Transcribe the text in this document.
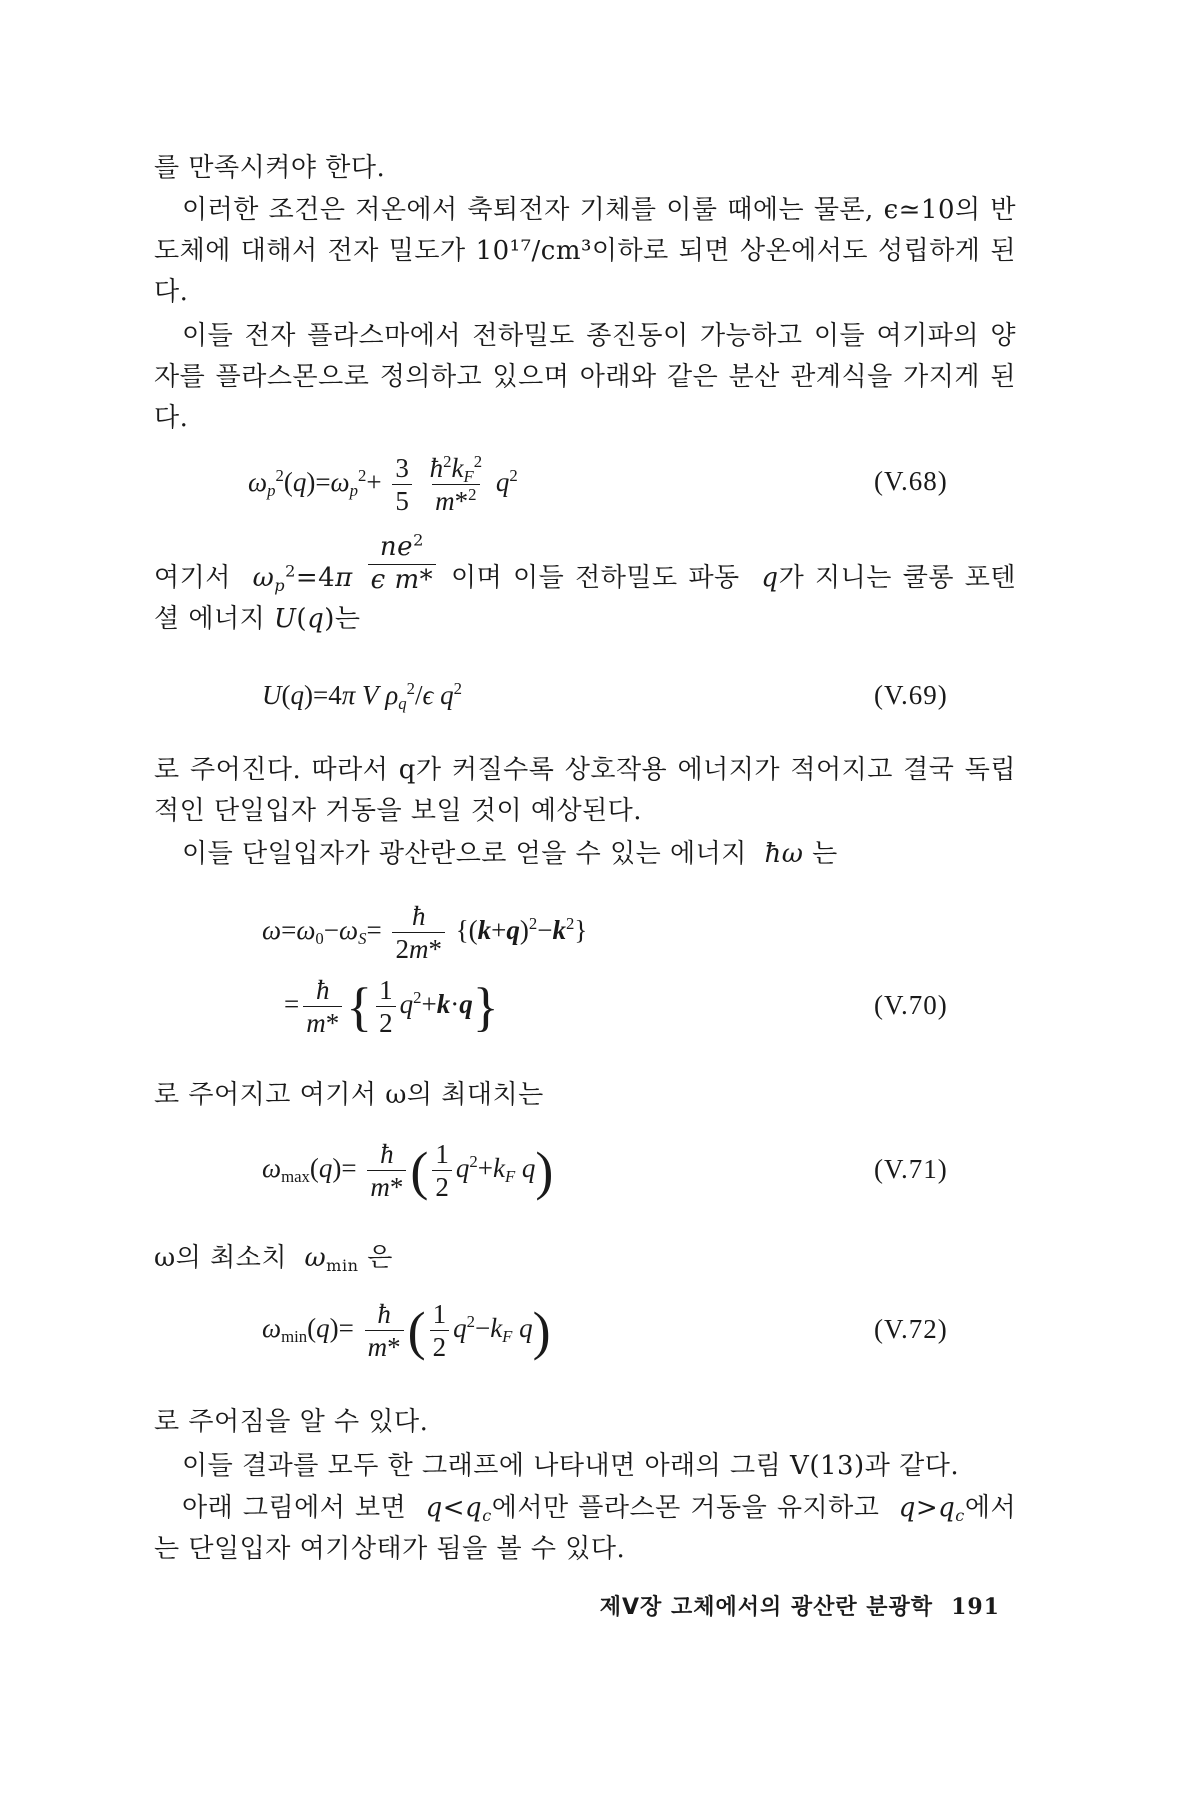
를 만족시켜야 한다.

이러한 조건은 저온에서 축퇴전자 기체를 이룰 때에는 물론, ϵ≃10의 반도체에 대해서 전자 밀도가 10¹⁷/cm³이하로 되면 상온에서도 성립하게 된다.

이들 전자 플라스마에서 전하밀도 종진동이 가능하고 이들 여기파의 양자를 플라스몬으로 정의하고 있으며 아래와 같은 분산 관계식을 가지게 된다.

$\omega_p^2(q)=\omega_p^2+ \frac{3}{5}$
$\frac{ħ^2k_F^2}{m*^2} q^2$	(V.68)
여기서 $\omega_p^2=4\pi \frac{ne^2}{\text{ϵ m*}}$ 이며 이들 전하밀도 파동 q가 지니는 쿨롱 포텐셜 에너지 U(q)는
U(q)=4π V $\rho_q^2/\epsilon$ $q^2$	(V.69)

로 주어진다. 따라서 q가 커질수록 상호작용 에너지가 적어지고 결국 독립적인 단일입자 거동을 보일 것이 예상된다.

이들 단일입자가 광산란으로 얻을 수 있는 에너지 ħω 는
$\omega=\omega_0-\omega_S= \frac{ħ}{2m*} \{(k+q)^2-k^2\}$
= $\frac{ħ}{m*}$ { $\frac{1}{2} q^2+k\cdot q$}	(V.70)

로 주어지고 여기서 ω의 최대치는

$\omega_{max}(q)= \frac{ħ}{m*}$ ( $\frac{1}{2} q^2+k_F$ q)	(V.71)
ω의 최소치 $\omega_{min}$ 은
$\omega_{min}(q)= \frac{ħ}{m*}$ ( $\frac{1}{2} q^2-k_F$ q)	(V.72)

로 주어짐을 알 수 있다.

이들 결과를 모두 한 그래프에 나타내면 아래의 그림 V(13)과 같다.

아래 그림에서 보면 $q<q_c$에서만 플라스몬 거동을 유지하고 $q>q_c$에서는 단일입자 여기상태가 됨을 볼 수 있다.
제V장 고체에서의 광산란 분광학 191
